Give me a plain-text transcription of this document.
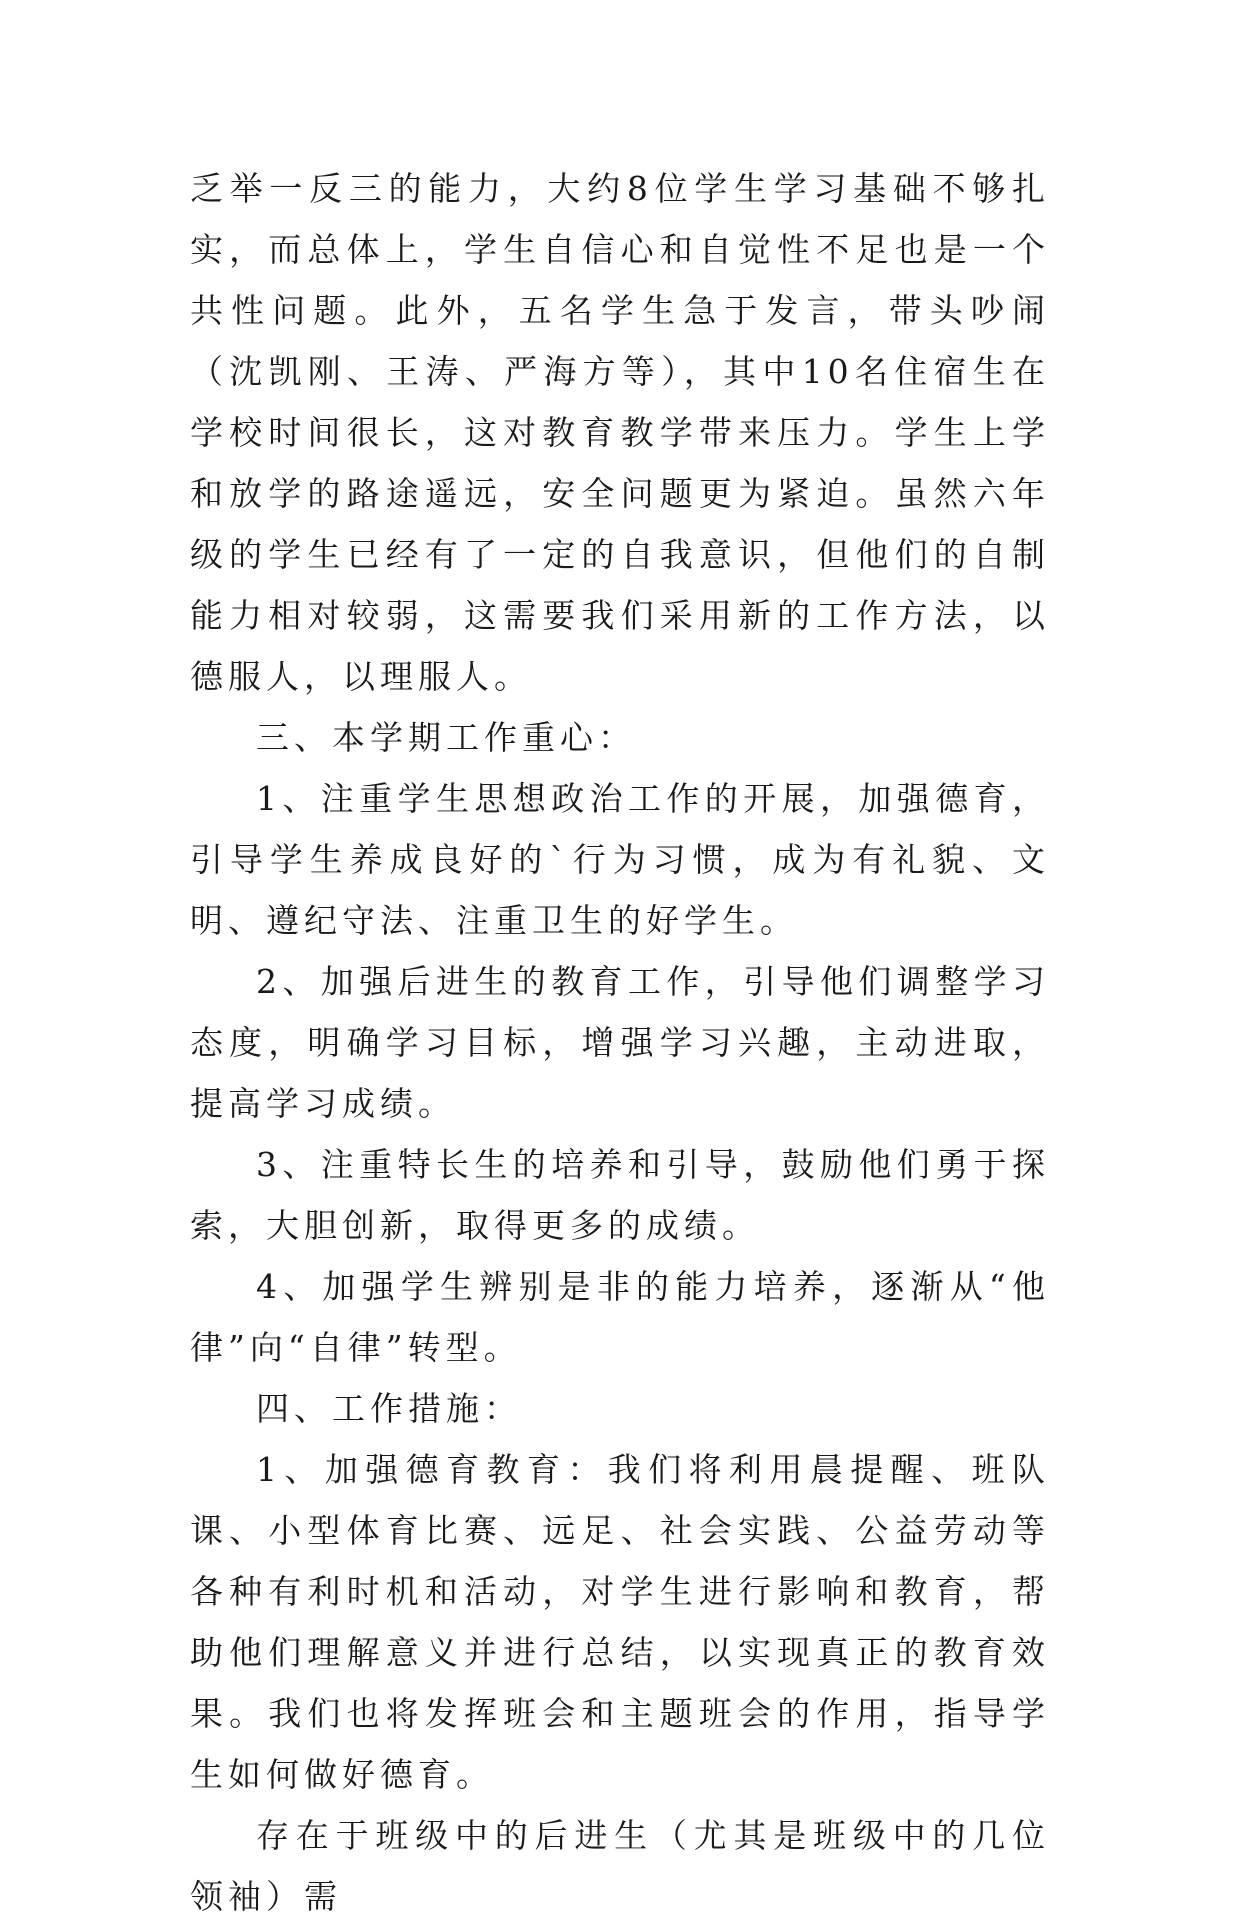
乏举一反三的能力，大约8位学生学习基础不够扎实，而总体上，学生自信心和自觉性不足也是一个共性问题。此外，五名学生急于发言，带头吵闹（沈凯刚、王涛、严海方等），其中10名住宿生在学校时间很长，这对教育教学带来压力。学生上学和放学的路途遥远，安全问题更为紧迫。虽然六年级的学生已经有了一定的自我意识，但他们的自制能力相对较弱，这需要我们采用新的工作方法，以德服人，以理服人。

三、本学期工作重心：

1、注重学生思想政治工作的开展，加强德育，引导学生养成良好的`行为习惯，成为有礼貌、文明、遵纪守法、注重卫生的好学生。

2、加强后进生的教育工作，引导他们调整学习态度，明确学习目标，增强学习兴趣，主动进取，提高学习成绩。

3、注重特长生的培养和引导，鼓励他们勇于探索，大胆创新，取得更多的成绩。

4、加强学生辨别是非的能力培养，逐渐从“他律”向“自律”转型。

四、工作措施：

1、加强德育教育：我们将利用晨提醒、班队课、小型体育比赛、远足、社会实践、公益劳动等各种有利时机和活动，对学生进行影响和教育，帮助他们理解意义并进行总结，以实现真正的教育效果。我们也将发挥班会和主题班会的作用，指导学生如何做好德育。

存在于班级中的后进生（尤其是班级中的几位领袖）需
